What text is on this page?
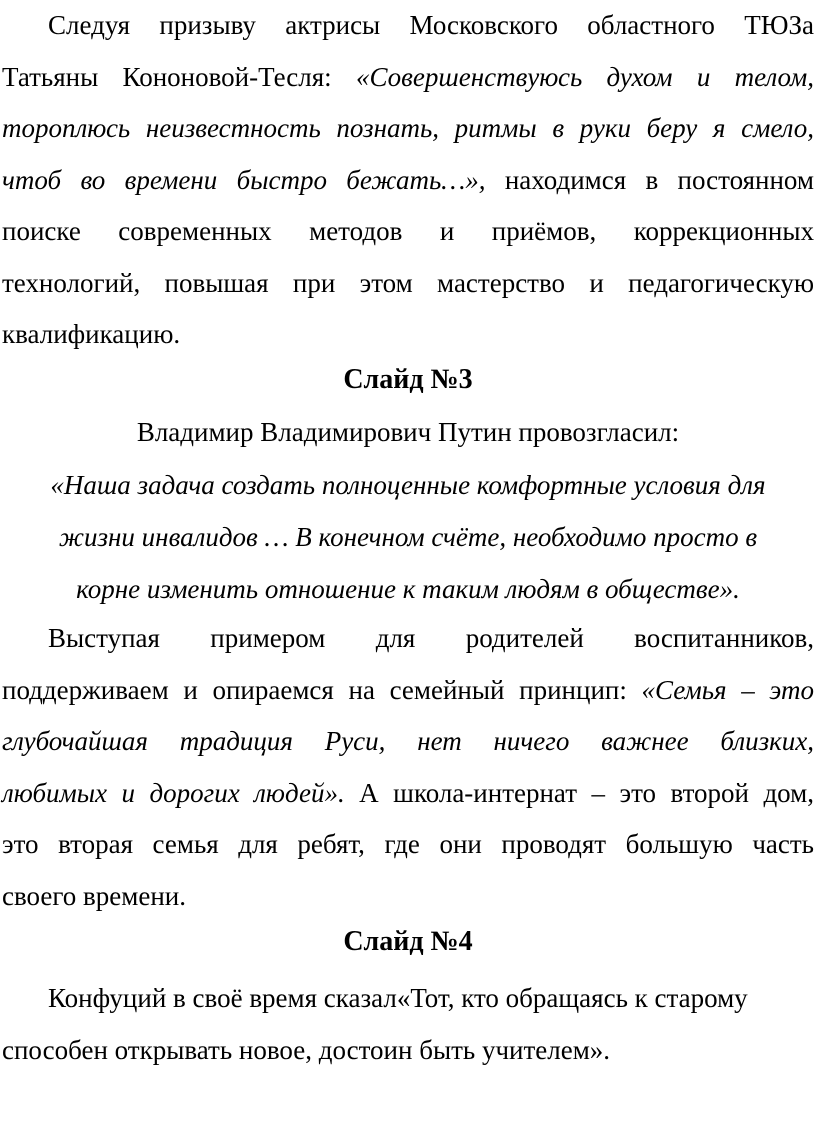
Следуя призыву актрисы Московского областного ТЮЗа
Татьяны Кононовой-Тесля: «Совершенствуюсь духом и телом,
тороплюсь неизвестность познать, ритмы в руки беру я смело,
чтоб во времени быстро бежать…», находимся в постоянном
поиске современных методов и приёмов, коррекционных
технологий, повышая при этом мастерство и педагогическую
квалификацию.
Слайд №3
Владимир Владимирович Путин провозгласил:
«Наша задача создать полноценные комфортные условия для
жизни инвалидов … В конечном счёте, необходимо просто в
корне изменить отношение к таким людям в обществе».
Выступая примером для родителей воспитанников,
поддерживаем и опираемся на семейный принцип: «Семья – это
глубочайшая традиция Руси, нет ничего важнее близких,
любимых и дорогих людей». А школа-интернат – это второй дом,
это вторая семья для ребят, где они проводят большую часть
своего времени.
Слайд №4
Конфуций в своё время сказал«Тот, кто обращаясь к старому
способен открывать новое, достоин быть учителем».
